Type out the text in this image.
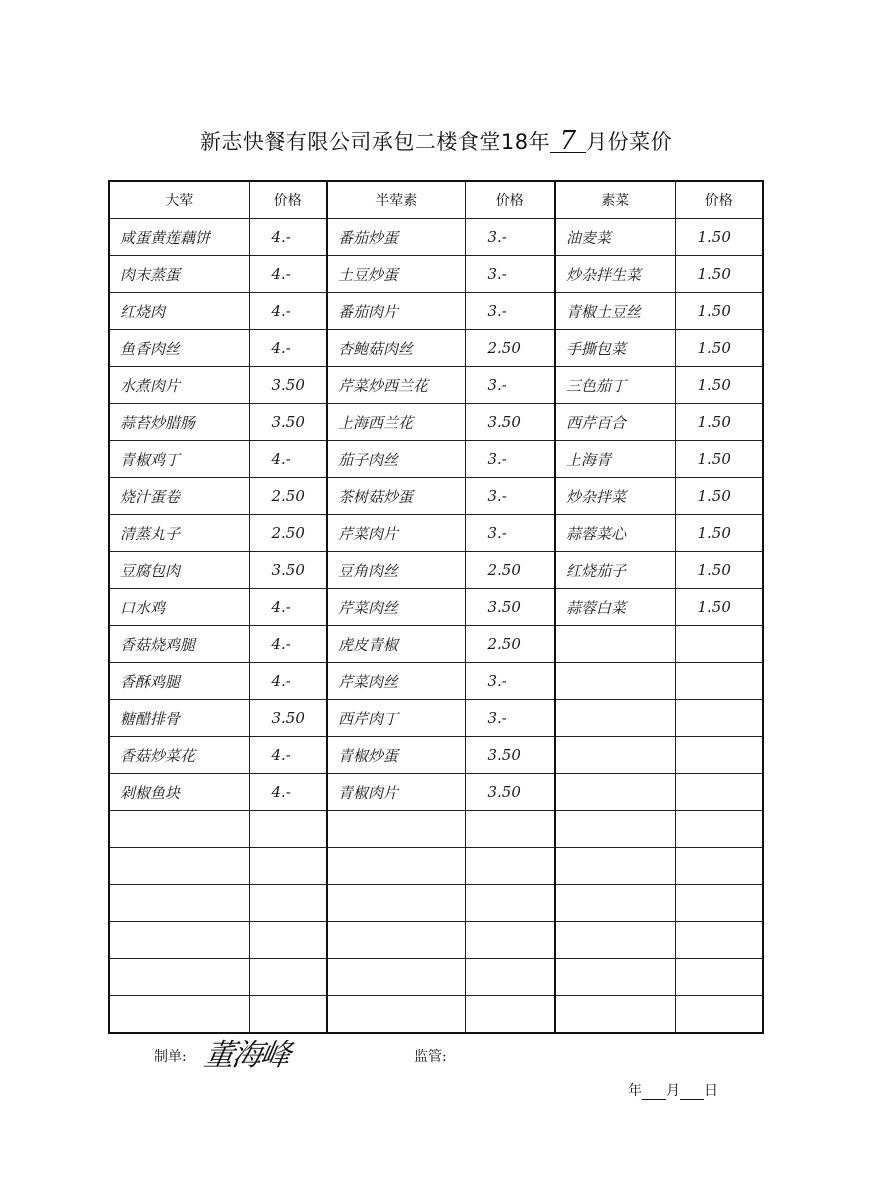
新志快餐有限公司承包二楼食堂18年 7 月份菜价
大荤	价格	半荤素	价格	素菜	价格
咸蛋黄莲藕饼	4.-	番茄炒蛋	3.-	油麦菜	1.50
肉末蒸蛋	4.-	土豆炒蛋	3.-	炒杂拌生菜	1.50
红烧肉	4.-	番茄肉片	3.-	青椒土豆丝	1.50
鱼香肉丝	4.-	杏鲍菇肉丝	2.50	手撕包菜	1.50
水煮肉片	3.50	芹菜炒西兰花	3.-	三色茄丁	1.50
蒜苔炒腊肠	3.50	上海西兰花	3.50	西芹百合	1.50
青椒鸡丁	4.-	茄子肉丝	3.-	上海青	1.50
烧汁蛋卷	2.50	茶树菇炒蛋	3.-	炒杂拌菜	1.50
清蒸丸子	2.50	芹菜肉片	3.-	蒜蓉菜心	1.50
豆腐包肉	3.50	豆角肉丝	2.50	红烧茄子	1.50
口水鸡	4.-	芹菜肉丝	3.50	蒜蓉白菜	1.50
香菇烧鸡腿	4.-	虎皮青椒	2.50		
香酥鸡腿	4.-	芹菜肉丝	3.-		
糖醋排骨	3.50	西芹肉丁	3.-		
香菇炒菜花	4.-	青椒炒蛋	3.50		
剁椒鱼块	4.-	青椒肉片	3.50		

制单: 董海峰	监管:
年 月 日
